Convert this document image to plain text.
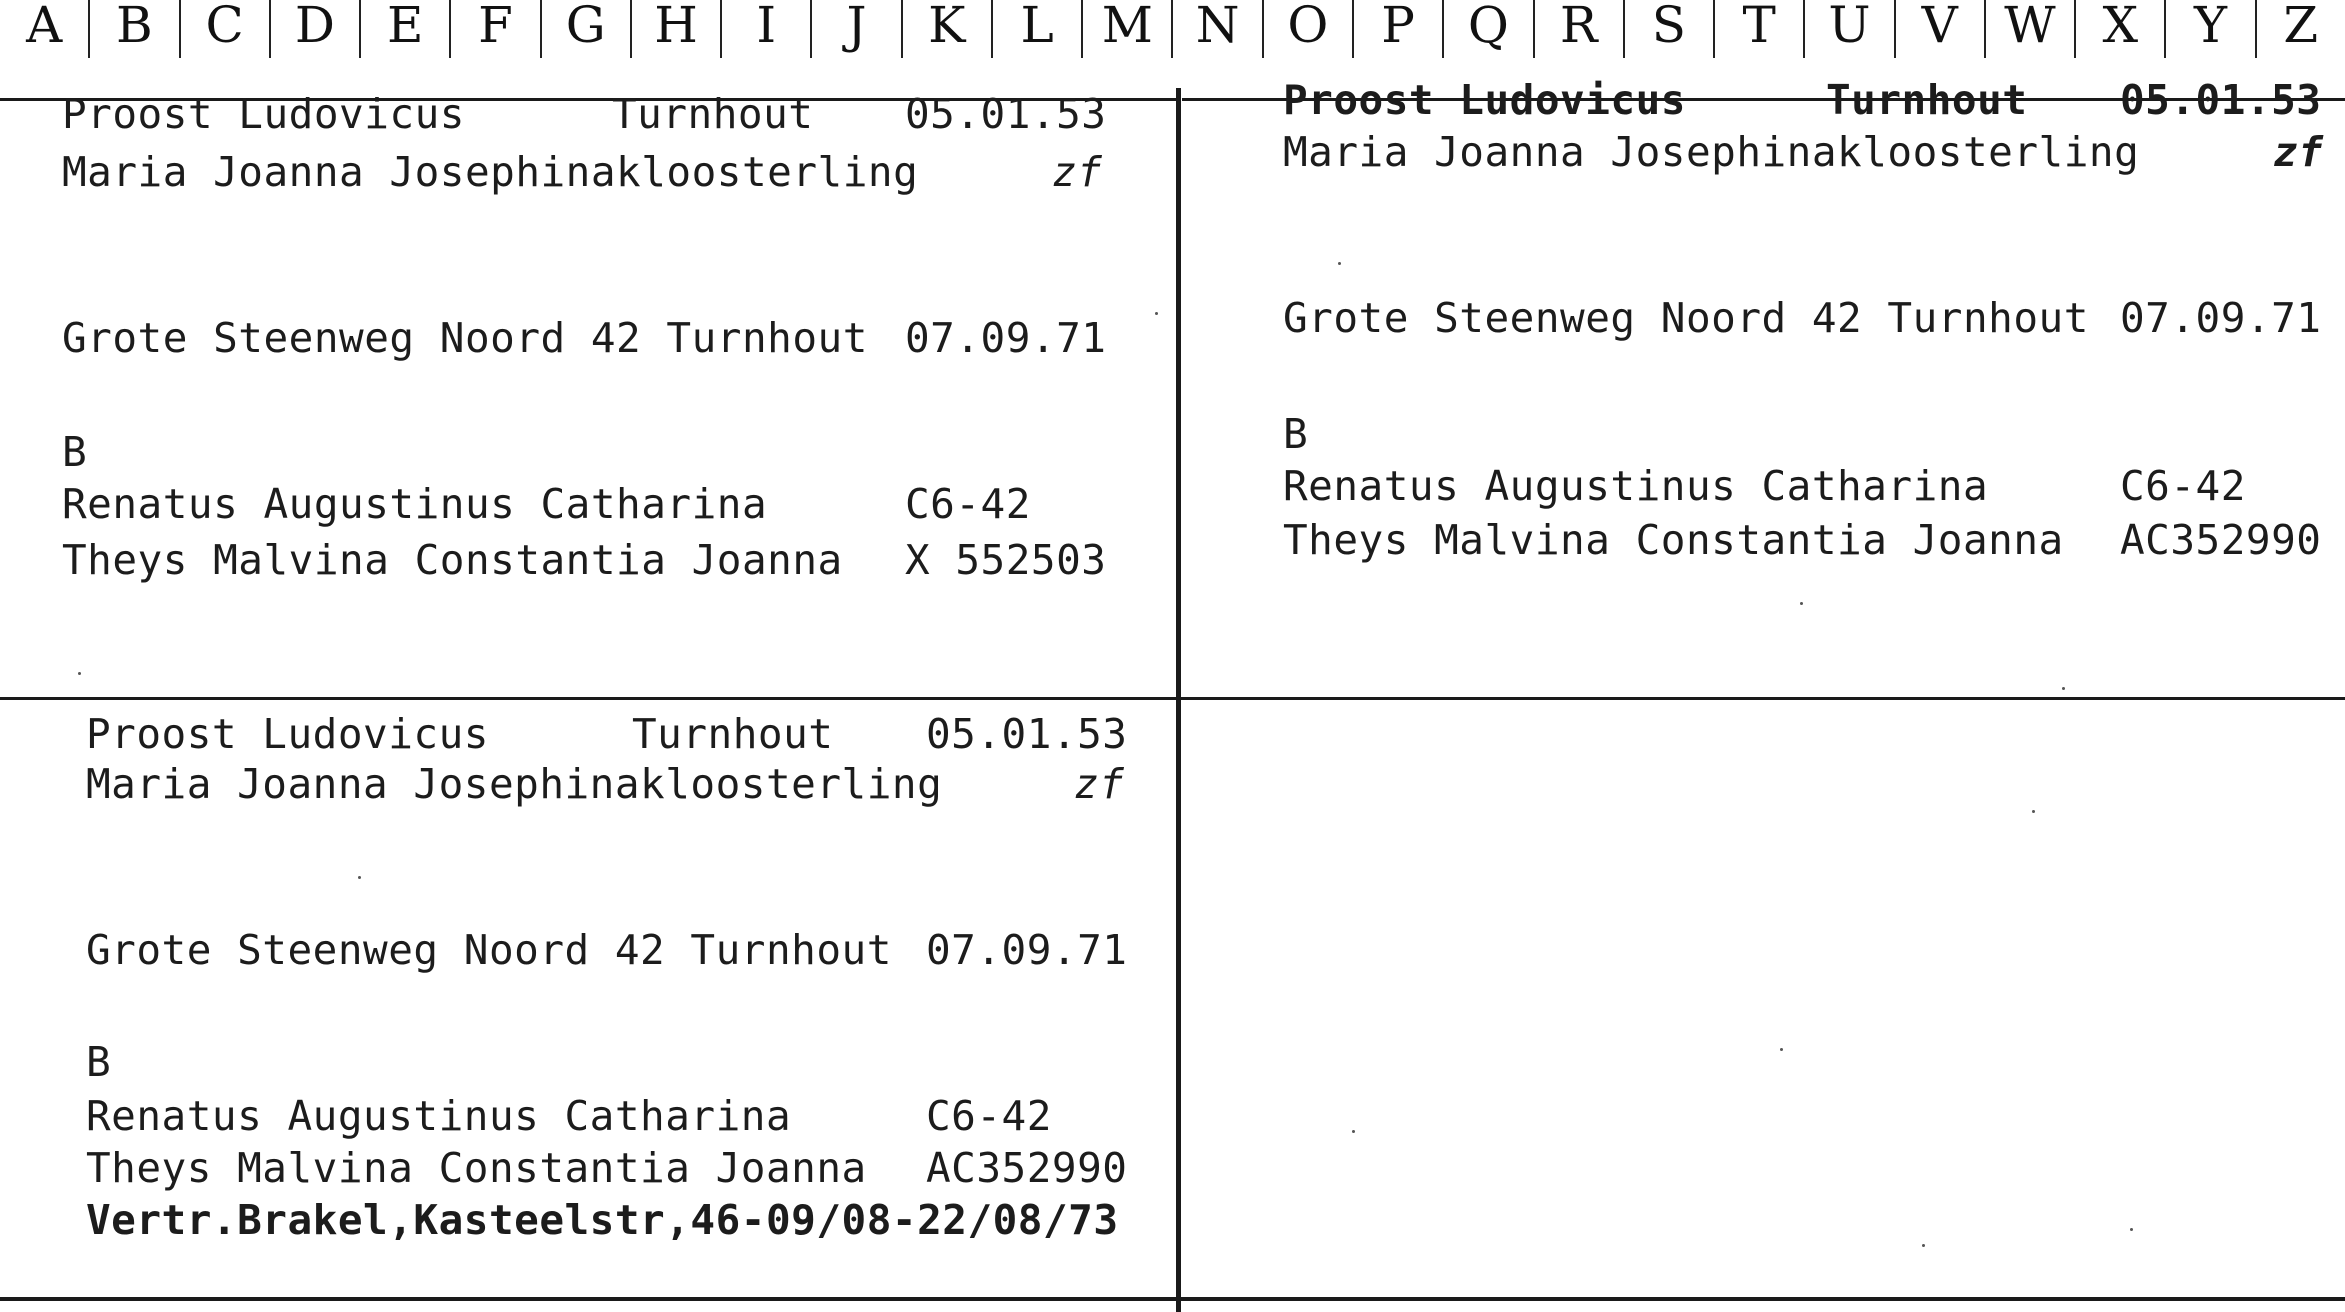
A	B	C	D	E	F	G H	I	J	K	L M N O	P	Q	R	S	T	U	V W X	Y	Z
Proost Ludovicus	Turnhout 05.01.53
Maria Joanna Josephinakloosterling	zf
Grote Steenweg Noord 42 Turnhout 07.09.71
B
Renatus Augustinus Catharina	C6-42
Theys Malvina Constantia Joanna X 552503
Proost Ludovicus	Turnhout 05.01.53
Maria Joanna Josephinakloosterling	zf
Grote Steenweg Noord 42 Turnhout 07.09.71
B
Renatus Augustinus Catharina	C6-42
Theys Malvina Constantia Joanna AC352990
Proost Ludovicus	Turnhout 05.01.53
Maria Joanna Josephinakloosterling	zf
Grote Steenweg Noord 42 Turnhout 07.09.71
B
Renatus Augustinus Catharina	C6-42
Theys Malvina Constantia Joanna AC352990
Vertr.Brakel,Kasteelstr,46-09/08-22/08/73
